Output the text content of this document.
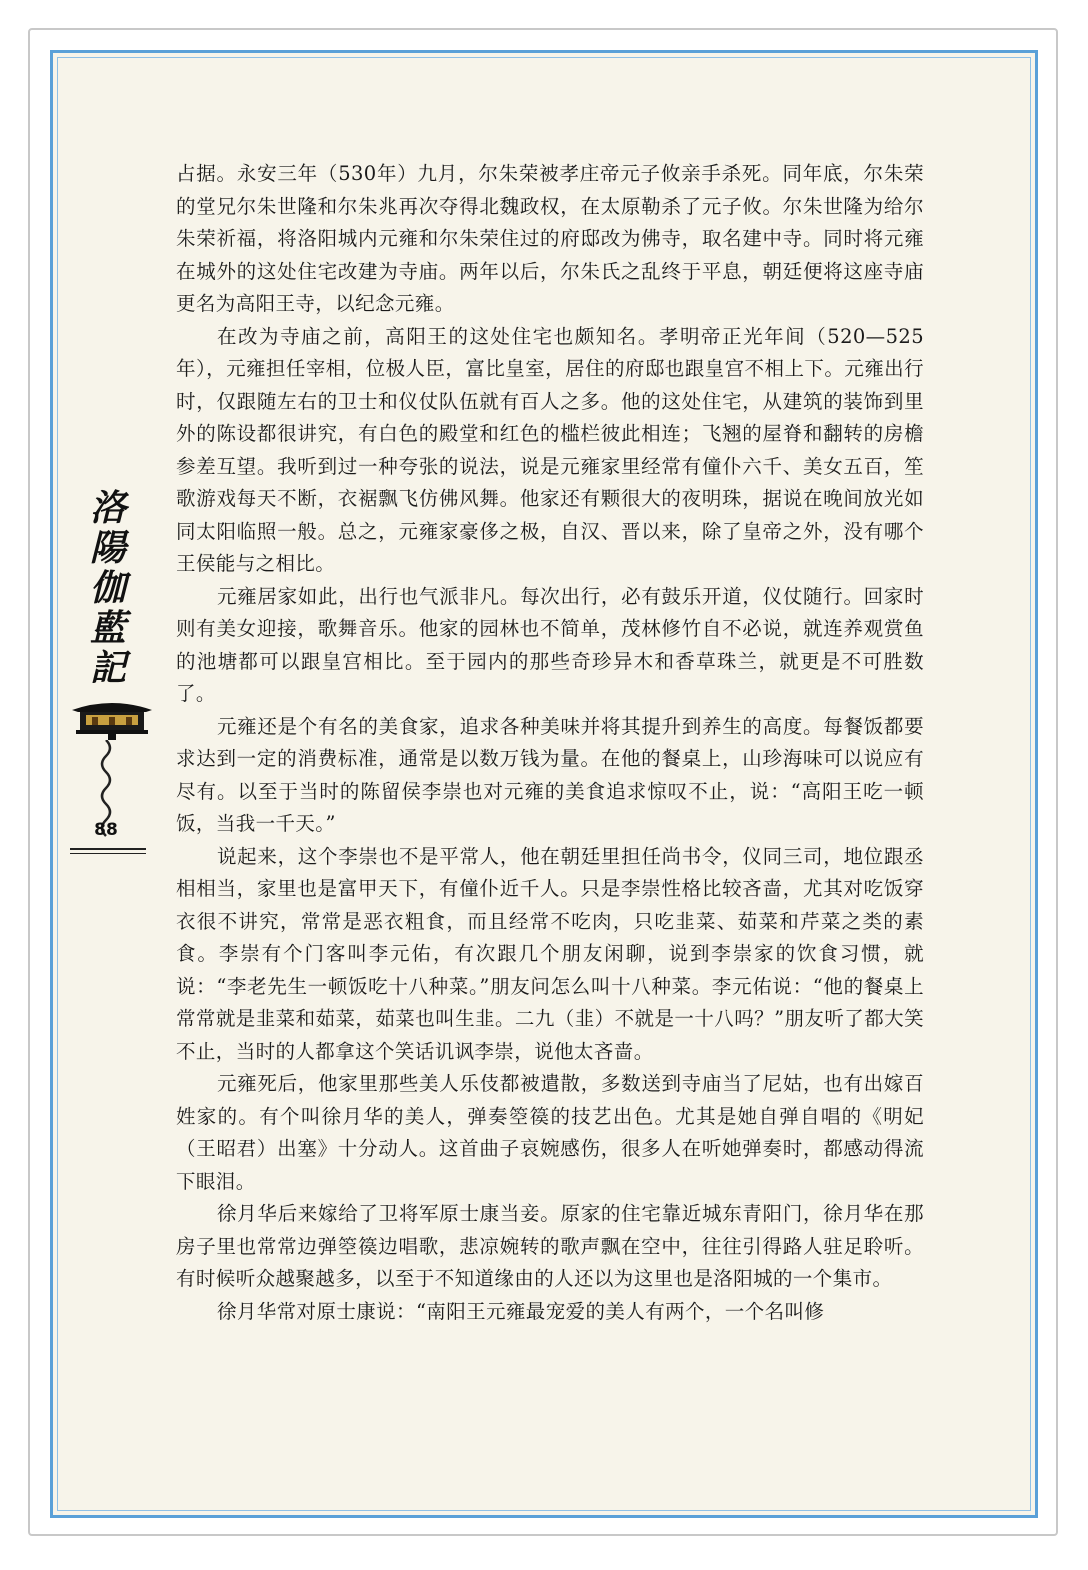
洛
陽
伽
藍
記
88

占据。永安三年（530年）九月，尔朱荣被孝庄帝元子攸亲手杀死。同年底，尔朱荣的堂兄尔朱世隆和尔朱兆再次夺得北魏政权，在太原勒杀了元子攸。尔朱世隆为给尔朱荣祈福，将洛阳城内元雍和尔朱荣住过的府邸改为佛寺，取名建中寺。同时将元雍在城外的这处住宅改建为寺庙。两年以后，尔朱氏之乱终于平息，朝廷便将这座寺庙更名为高阳王寺，以纪念元雍。

在改为寺庙之前，高阳王的这处住宅也颇知名。孝明帝正光年间（520—525年），元雍担任宰相，位极人臣，富比皇室，居住的府邸也跟皇宫不相上下。元雍出行时，仅跟随左右的卫士和仪仗队伍就有百人之多。他的这处住宅，从建筑的装饰到里外的陈设都很讲究，有白色的殿堂和红色的槛栏彼此相连；飞翘的屋脊和翻转的房檐参差互望。我听到过一种夸张的说法，说是元雍家里经常有僮仆六千、美女五百，笙歌游戏每天不断，衣裾飘飞仿佛风舞。他家还有颗很大的夜明珠，据说在晚间放光如同太阳临照一般。总之，元雍家豪侈之极，自汉、晋以来，除了皇帝之外，没有哪个王侯能与之相比。

元雍居家如此，出行也气派非凡。每次出行，必有鼓乐开道，仪仗随行。回家时则有美女迎接，歌舞音乐。他家的园林也不简单，茂林修竹自不必说，就连养观赏鱼的池塘都可以跟皇宫相比。至于园内的那些奇珍异木和香草珠兰，就更是不可胜数了。

元雍还是个有名的美食家，追求各种美味并将其提升到养生的高度。每餐饭都要求达到一定的消费标准，通常是以数万钱为量。在他的餐桌上，山珍海味可以说应有尽有。以至于当时的陈留侯李崇也对元雍的美食追求惊叹不止，说：“高阳王吃一顿饭，当我一千天。”

说起来，这个李崇也不是平常人，他在朝廷里担任尚书令，仪同三司，地位跟丞相相当，家里也是富甲天下，有僮仆近千人。只是李崇性格比较吝啬，尤其对吃饭穿衣很不讲究，常常是恶衣粗食，而且经常不吃肉，只吃韭菜、茹菜和芹菜之类的素食。李崇有个门客叫李元佑，有次跟几个朋友闲聊，说到李崇家的饮食习惯，就说：“李老先生一顿饭吃十八种菜。”朋友问怎么叫十八种菜。李元佑说：“他的餐桌上常常就是韭菜和茹菜，茹菜也叫生韭。二九（韭）不就是一十八吗？”朋友听了都大笑不止，当时的人都拿这个笑话讥讽李崇，说他太吝啬。

元雍死后，他家里那些美人乐伎都被遣散，多数送到寺庙当了尼姑，也有出嫁百姓家的。有个叫徐月华的美人，弹奏箜篌的技艺出色。尤其是她自弹自唱的《明妃（王昭君）出塞》十分动人。这首曲子哀婉感伤，很多人在听她弹奏时，都感动得流下眼泪。

徐月华后来嫁给了卫将军原士康当妾。原家的住宅靠近城东青阳门，徐月华在那房子里也常常边弹箜篌边唱歌，悲凉婉转的歌声飘在空中，往往引得路人驻足聆听。有时候听众越聚越多，以至于不知道缘由的人还以为这里也是洛阳城的一个集市。

徐月华常对原士康说：“南阳王元雍最宠爱的美人有两个，一个名叫修
